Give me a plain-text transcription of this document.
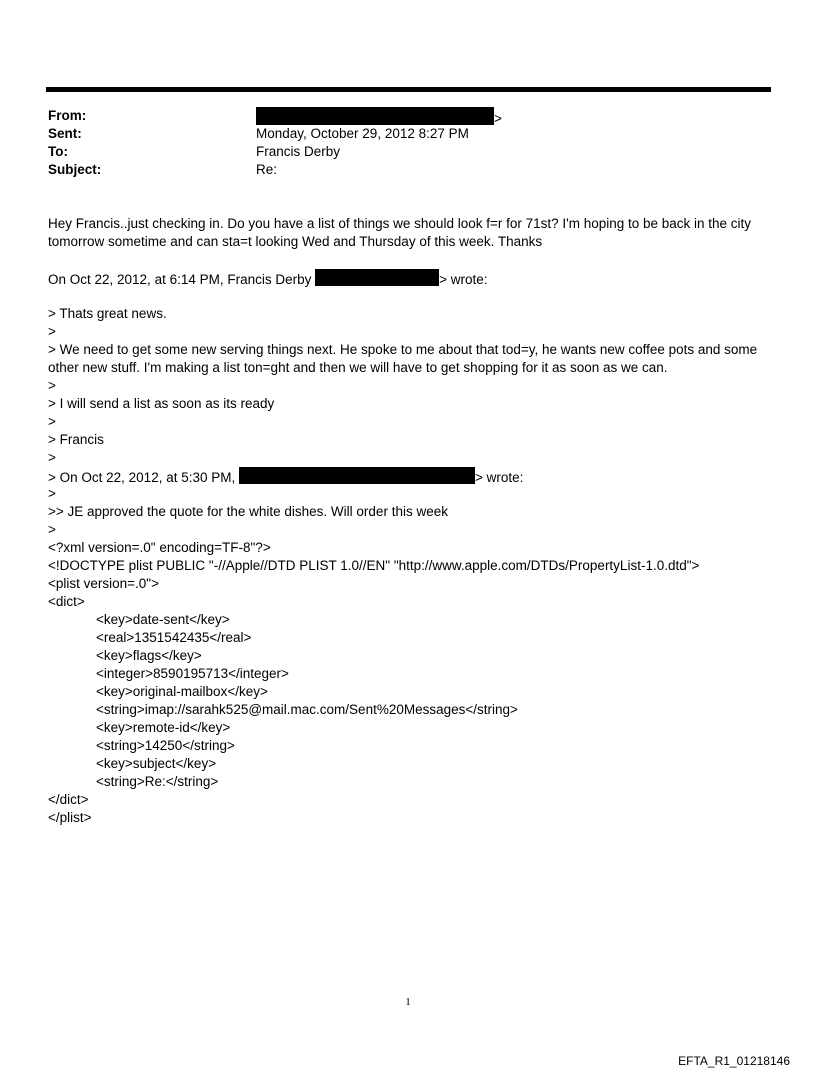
From:	>
Sent:	Monday, October 29, 2012 8:27 PM
To:	Francis Derby
Subject:	Re:
Hey Francis..just checking in. Do you have a list of things we should look f=r for 71st? I'm hoping to be back in the city
tomorrow sometime and can sta=t looking Wed and Thursday of this week. Thanks
On Oct 22, 2012, at 6:14 PM, Francis Derby	> wrote:
> Thats great news.
>
> We need to get some new serving things next. He spoke to me about that tod=y, he wants new coffee pots and some
other new stuff. I'm making a list ton=ght and then we will have to get shopping for it as soon as we can.
>
> I will send a list as soon as its ready
>
> Francis
>
> On Oct 22, 2012, at 5:30 PM,	> wrote:
>
>> JE approved the quote for the white dishes. Will order this week
>
<?xml version=.0" encoding=TF-8"?>
<!DOCTYPE plist PUBLIC "-//Apple//DTD PLIST 1.0//EN" "http://www.apple.com/DTDs/PropertyList-1.0.dtd">
<plist version=.0">
<dict>
<key>date-sent</key>
<real>1351542435</real>
<key>flags</key>
<integer>8590195713</integer>
<key>original-mailbox</key>
<string>imap://sarahk525@mail.mac.com/Sent%20Messages</string>
<key>remote-id</key>
<string>14250</string>
<key>subject</key>
<string>Re:</string>
</dict>
</plist>
1
EFTA_R1_01218146
